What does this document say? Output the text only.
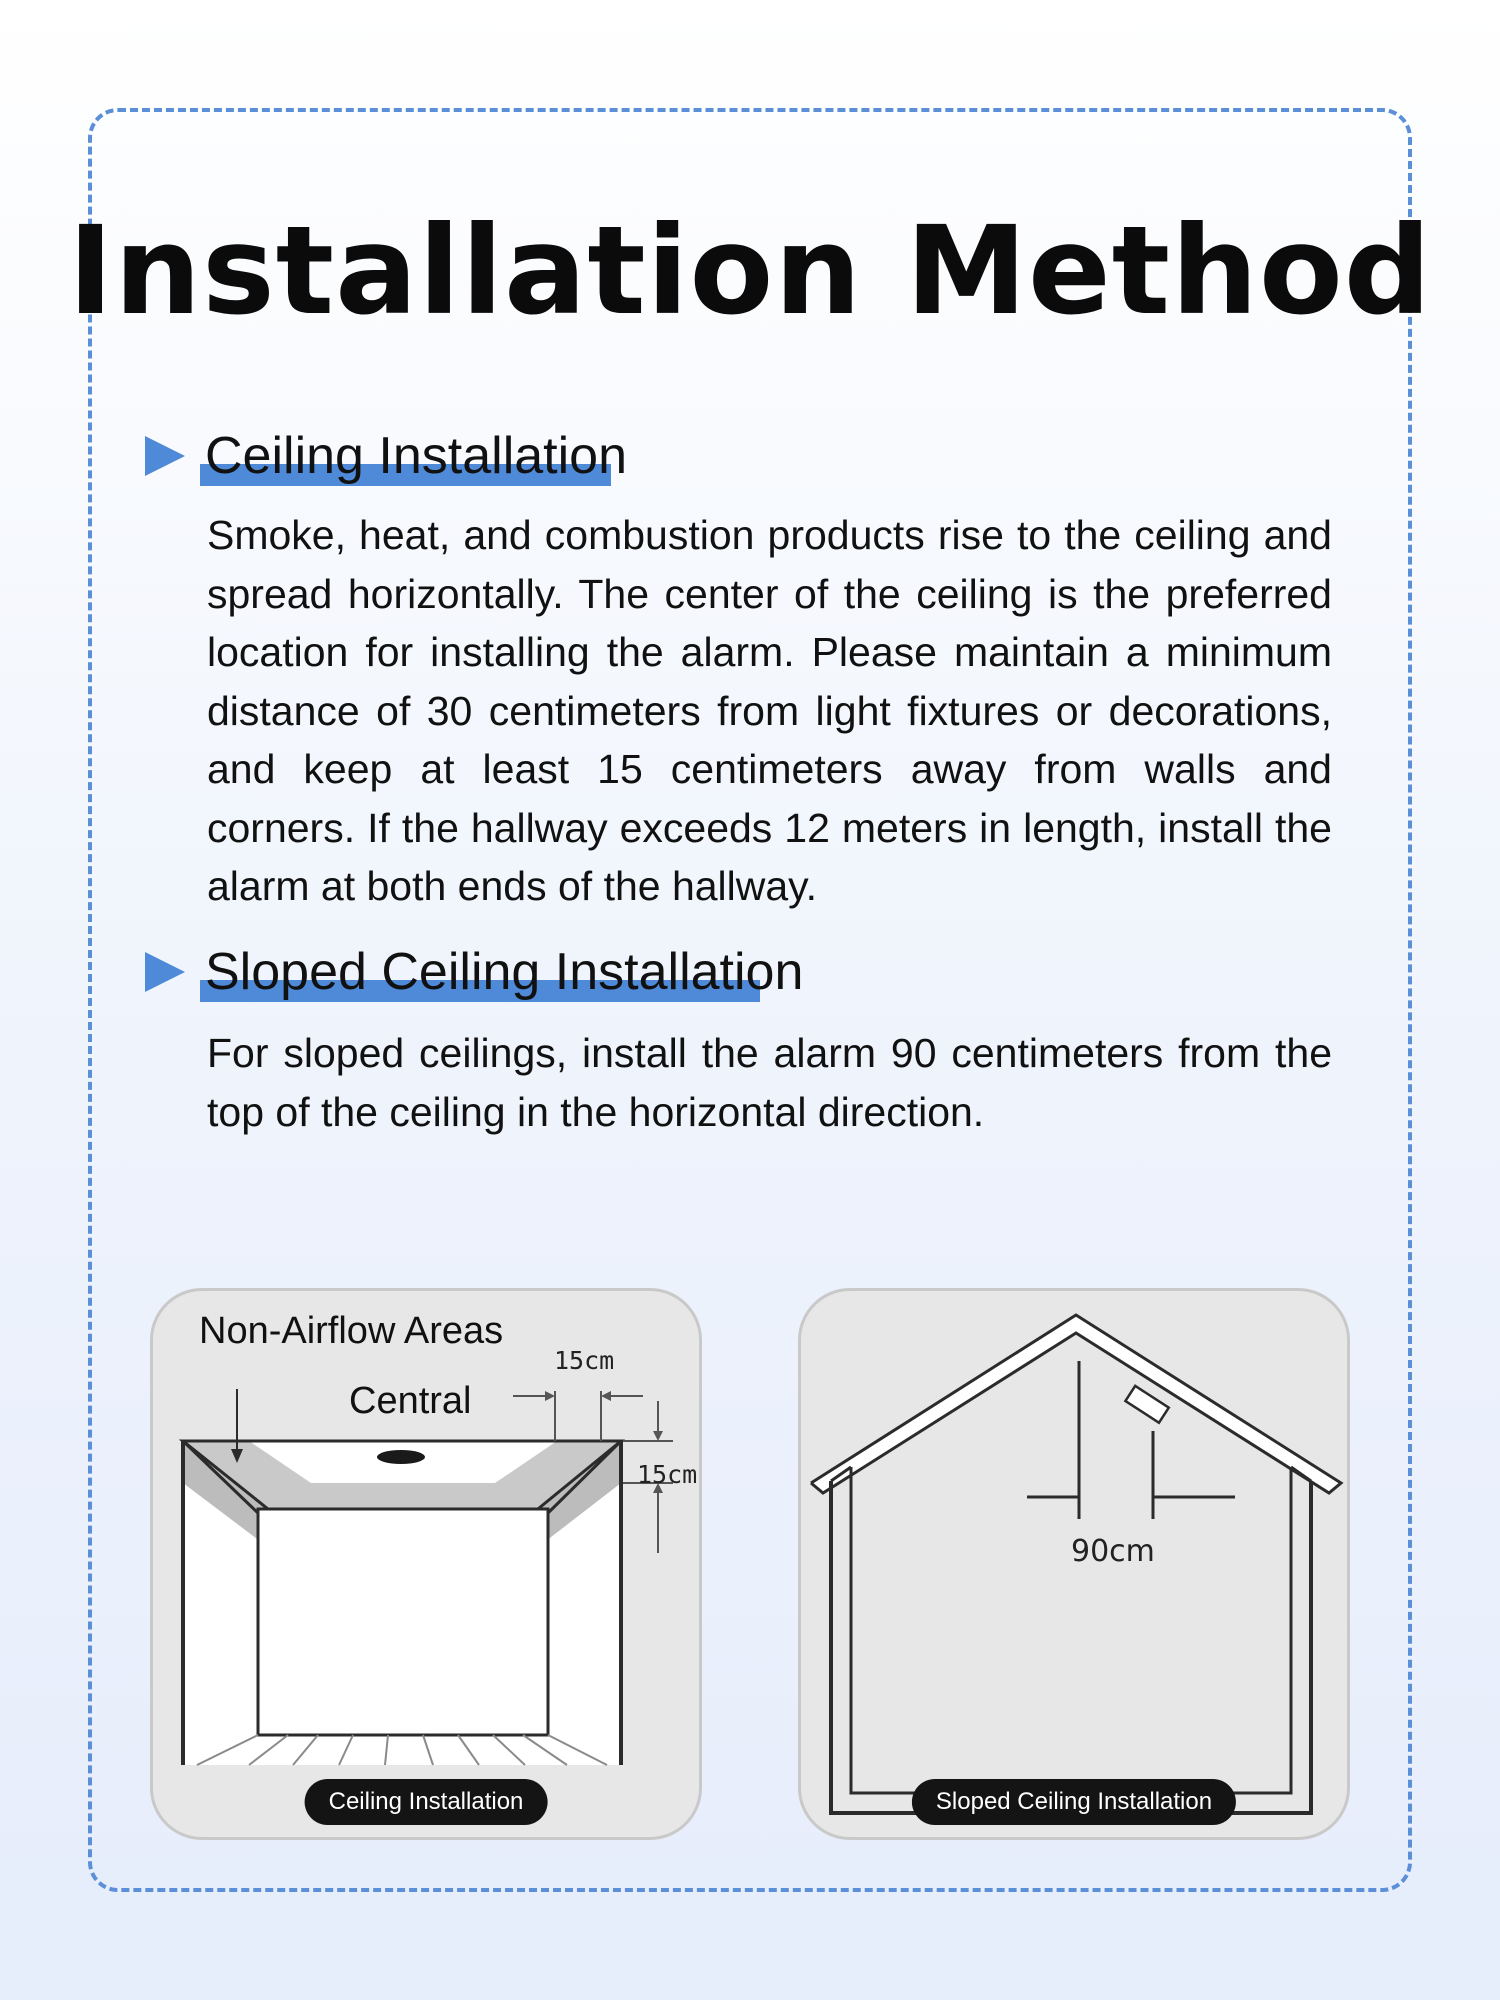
Installation Method
Ceiling Installation
Smoke, heat, and combustion products rise to the ceiling and spread horizontally. The center of the ceiling is the preferred location for installing the alarm. Please maintain a minimum distance of 30 centimeters from light fixtures or decorations, and keep at least 15 centimeters away from walls and corners. If the hallway exceeds 12 meters in length, install the alarm at both ends of the hallway.
Sloped Ceiling Installation
For sloped ceilings, install the alarm 90 centimeters from the top of the ceiling in the horizontal direction.
Non-Airflow Areas
Central
15cm
15cm
Ceiling Installation
90cm
Sloped Ceiling Installation
